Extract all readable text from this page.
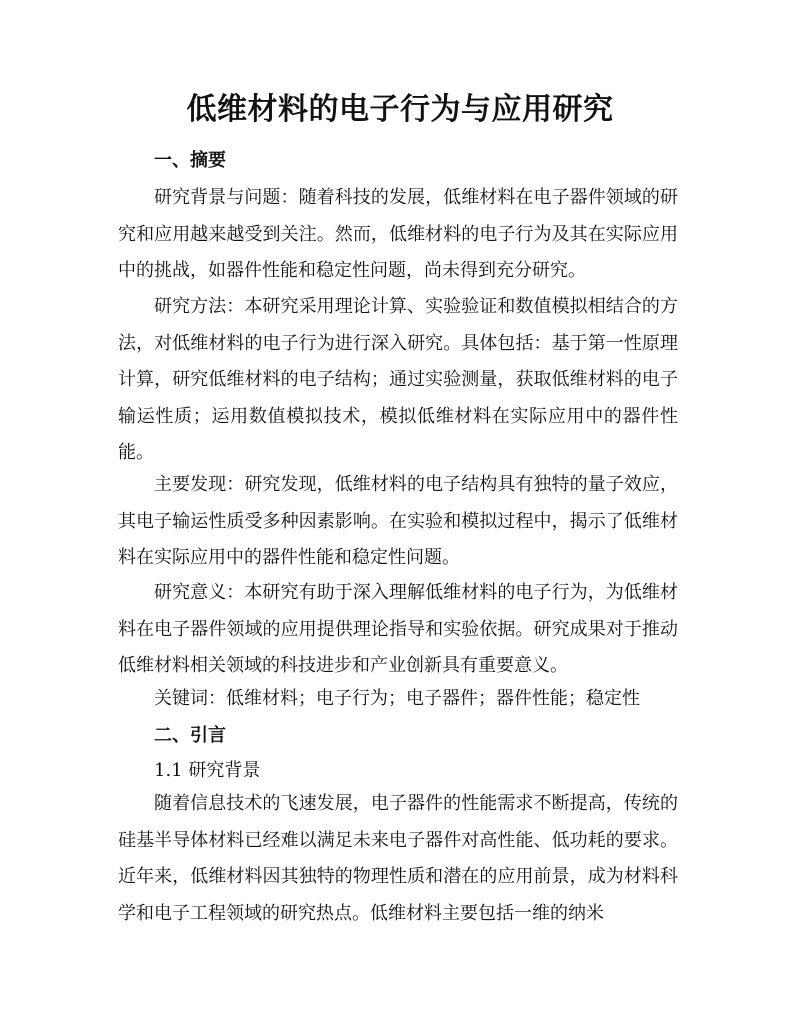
低维材料的电子行为与应用研究
一、摘要
研究背景与问题：随着科技的发展，低维材料在电子器件领域的研究和应用越来越受到关注。然而，低维材料的电子行为及其在实际应用中的挑战，如器件性能和稳定性问题，尚未得到充分研究。
研究方法：本研究采用理论计算、实验验证和数值模拟相结合的方法，对低维材料的电子行为进行深入研究。具体包括：基于第一性原理计算，研究低维材料的电子结构；通过实验测量，获取低维材料的电子输运性质；运用数值模拟技术，模拟低维材料在实际应用中的器件性能。
主要发现：研究发现，低维材料的电子结构具有独特的量子效应，其电子输运性质受多种因素影响。在实验和模拟过程中，揭示了低维材料在实际应用中的器件性能和稳定性问题。
研究意义：本研究有助于深入理解低维材料的电子行为，为低维材料在电子器件领域的应用提供理论指导和实验依据。研究成果对于推动低维材料相关领域的科技进步和产业创新具有重要意义。
关键词：低维材料；电子行为；电子器件；器件性能；稳定性
二、引言
1.1 研究背景
随着信息技术的飞速发展，电子器件的性能需求不断提高，传统的硅基半导体材料已经难以满足未来电子器件对高性能、低功耗的要求。近年来，低维材料因其独特的物理性质和潜在的应用前景，成为材料科学和电子工程领域的研究热点。低维材料主要包括一维的纳米
